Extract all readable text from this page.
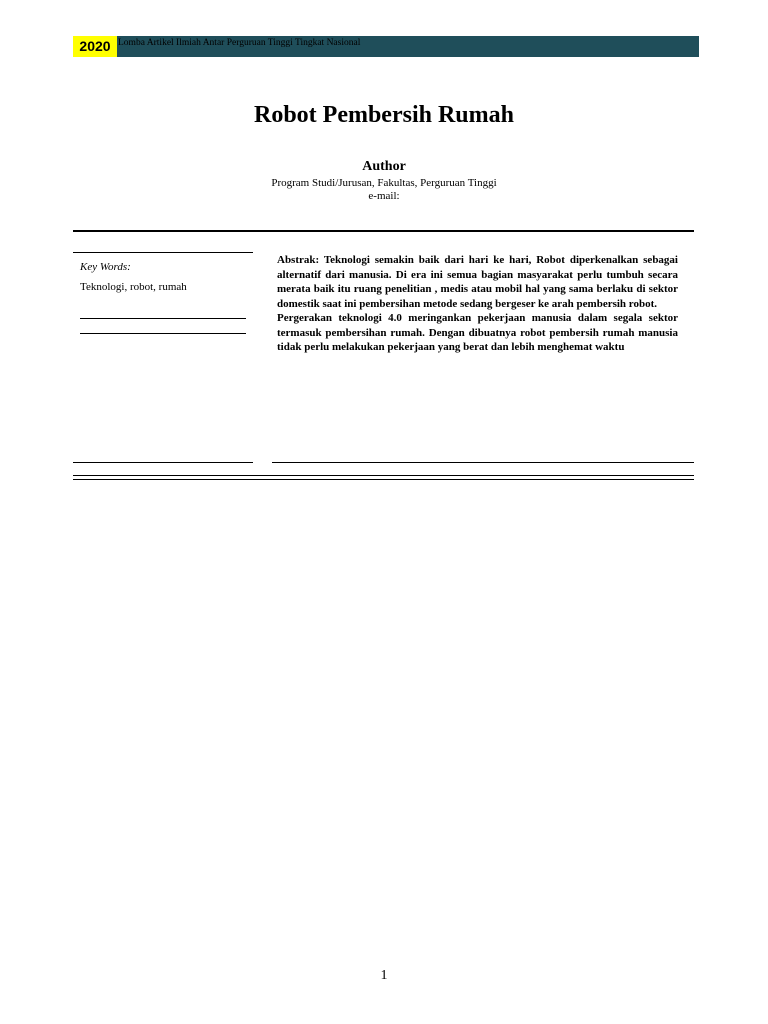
2020 Lomba Artikel Ilmiah Antar Perguruan Tinggi Tingkat Nasional
Robot Pembersih Rumah
Author
Program Studi/Jurusan, Fakultas, Perguruan Tinggi
e-mail:
Key Words:
Teknologi, robot, rumah

Abstrak: Teknologi semakin baik dari hari ke hari, Robot diperkenalkan sebagai alternatif dari manusia. Di era ini semua bagian masyarakat perlu tumbuh secara merata baik itu ruang penelitian , medis atau mobil hal yang sama berlaku di sektor domestik saat ini pembersihan metode sedang bergeser ke arah pembersih robot.

Pergerakan teknologi 4.0 meringankan pekerjaan manusia dalam segala sektor termasuk pembersihan rumah. Dengan dibuatnya robot pembersih rumah manusia tidak perlu melakukan pekerjaan yang berat dan lebih menghemat waktu

1
